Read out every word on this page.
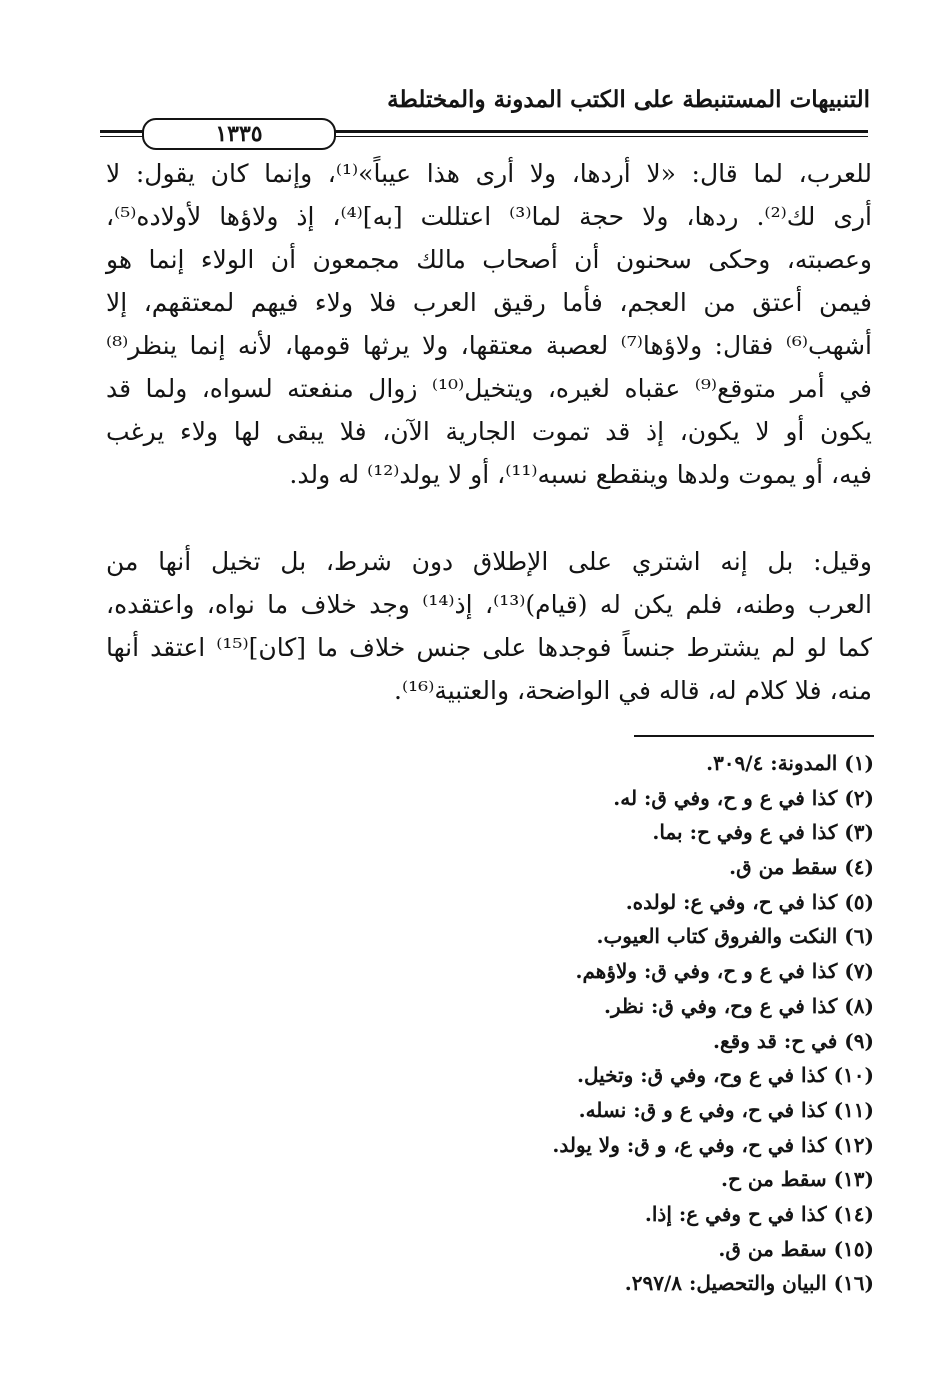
التنبيهات المستنبطة على الكتب المدونة والمختلطة
١٣٣٥
للعرب، لما قال: «لا أردها، ولا أرى هذا عيباً»⁽¹⁾، وإنما كان يقول: لا
أرى لك⁽²⁾. ردها، ولا حجة لما⁽³⁾ اعتللت [به]⁽⁴⁾، إذ ولاؤها لأولاده⁽⁵⁾،
وعصبته، وحكى سحنون أن أصحاب مالك مجمعون أن الولاء إنما هو
فيمن أعتق من العجم، فأما رقيق العرب فلا ولاء فيهم لمعتقهم، إلا
أشهب⁽⁶⁾ فقال: ولاؤها⁽⁷⁾ لعصبة معتقها، ولا يرثها قومها، لأنه إنما ينظر⁽⁸⁾
في أمر متوقع⁽⁹⁾ عقباه لغيره، ويتخيل⁽¹⁰⁾ زوال منفعته لسواه، ولما قد
يكون أو لا يكون، إذ قد تموت الجارية الآن، فلا يبقى لها ولاء يرغب
فيه، أو يموت ولدها وينقطع نسبه⁽¹¹⁾، أو لا يولد⁽¹²⁾ له ولد.
وقيل: بل إنه اشتري على الإطلاق دون شرط، بل تخيل أنها من
العرب وطنه، فلم يكن له (قيام)⁽¹³⁾، إذ⁽¹⁴⁾ وجد خلاف ما نواه، واعتقده،
كما لو لم يشترط جنساً فوجدها على جنس خلاف ما [كان]⁽¹⁵⁾ اعتقد أنها
منه، فلا كلام له، قاله في الواضحة، والعتبية⁽¹⁶⁾.
(١) المدونة: ٣٠٩/٤.
(٢) كذا في ع و ح، وفي ق: له.
(٣) كذا في ع وفي ح: بما.
(٤) سقط من ق.
(٥) كذا في ح، وفي ع: لولده.
(٦) النكت والفروق كتاب العيوب.
(٧) كذا في ع و ح، وفي ق: ولاؤهم.
(٨) كذا في ع وح، وفي ق: نظر.
(٩) في ح: قد وقع.
(١٠) كذا في ع وح، وفي ق: وتخيل.
(١١) كذا في ح، وفي ع و ق: نسله.
(١٢) كذا في ح، وفي ع، و ق: ولا يولد.
(١٣) سقط من ح.
(١٤) كذا في ح وفي ع: إذا.
(١٥) سقط من ق.
(١٦) البيان والتحصيل: ٢٩٧/٨.
